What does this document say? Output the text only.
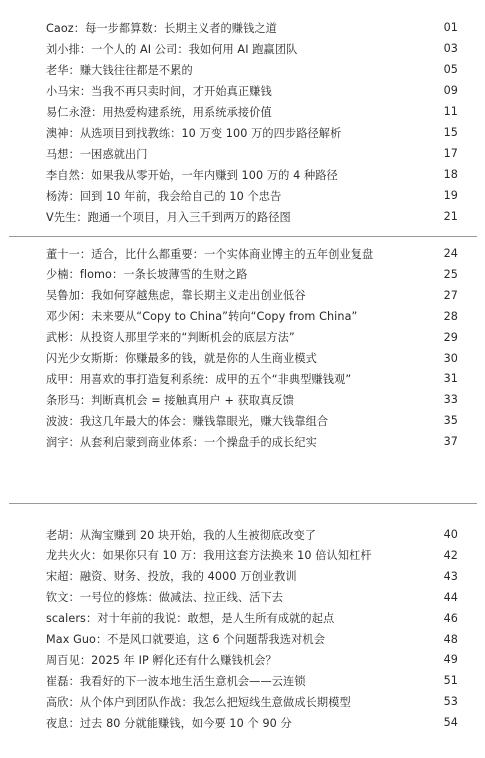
Caoz：每一步都算数：长期主义者的赚钱之道	01
刘小排：一个人的 AI 公司：我如何用 AI 跑赢团队	03
老华：赚大钱往往都是不累的	05
小马宋：当我不再只卖时间，才开始真正赚钱	09
易仁永澄：用热爱构建系统，用系统承接价值	11
澳神：从选项目到找教练：10 万变 100 万的四步路径解析	15
马想：一困惑就出门	17
李自然：如果我从零开始，一年内赚到 100 万的 4 种路径	18
杨涛：回到 10 年前，我会给自己的 10 个忠告	19
V先生：跑通一个项目，月入三千到两万的路径图	21
董十一：适合，比什么都重要：一个实体商业博主的五年创业复盘	24
少楠：flomo：一条长坡薄雪的生财之路	25
吴鲁加：我如何穿越焦虑，靠长期主义走出创业低谷	27
邓少闲：未来要从“Copy to China”转向“Copy from China”	28
武彬：从投资人那里学来的“判断机会的底层方法”	29
闪光少女斯斯：你赚最多的钱，就是你的人生商业模式	30
成甲：用喜欢的事打造复利系统：成甲的五个“非典型赚钱观”	31
条形马：判断真机会 = 接触真用户 + 获取真反馈	33
波波：我这几年最大的体会：赚钱靠眼光，赚大钱靠组合	35
润宇：从套利启蒙到商业体系：一个操盘手的成长纪实	37
老胡：从淘宝赚到 20 块开始，我的人生被彻底改变了	40
龙共火火：如果你只有 10 万：我用这套方法换来 10 倍认知杠杆	42
宋超：融资、财务、投放，我的 4000 万创业教训	43
钦文：一号位的修炼：做减法、拉正线、活下去	44
scalers：对十年前的我说：敢想，是人生所有成就的起点	46
Max Guo：不是风口就要追，这 6 个问题帮我选对机会	48
周百见：2025 年 IP 孵化还有什么赚钱机会？	49
崔磊：我看好的下一波本地生活生意机会——云连锁	51
高欣：从个体户到团队作战：我怎么把短线生意做成长期模型	53
夜息：过去 80 分就能赚钱，如今要 10 个 90 分	54
